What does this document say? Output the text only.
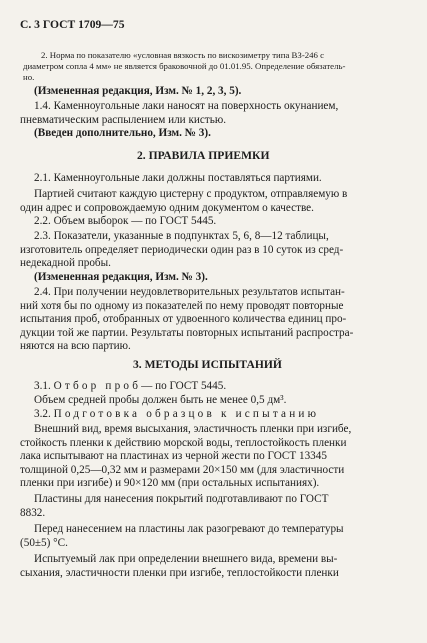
С. 3 ГОСТ 1709—75
2. Норма по показателю «условная вязкость по вискозиметру типа ВЗ-246 с
диаметром сопла 4 мм» не является браковочной до 01.01.95. Определение обязатель-
но.
(Измененная редакция, Изм. № 1, 2, 3, 5).
1.4. Каменноугольные лаки наносят на поверхность окунанием,
пневматическим распылением или кистью.
(Введен дополнительно, Изм. № 3).
2. ПРАВИЛА ПРИЕМКИ
2.1. Каменноугольные лаки должны поставляться партиями.
Партией считают каждую цистерну с продуктом, отправляемую в
один адрес и сопровождаемую одним документом о качестве.
2.2. Объем выборок — по ГОСТ 5445.
2.3. Показатели, указанные в подпунктах 5, 6, 8—12 таблицы,
изготовитель определяет периодически один раз в 10 суток из сред-
недекадной пробы.
(Измененная редакция, Изм. № 3).
2.4. При получении неудовлетворительных результатов испытан-
ний хотя бы по одному из показателей по нему проводят повторные
испытания проб, отобранных от удвоенного количества единиц про-
дукции той же партии. Результаты повторных испытаний распростра-
няются на всю партию.
3. МЕТОДЫ ИСПЫТАНИЙ
3.1. Отбор проб— по ГОСТ 5445.
Объем средней пробы должен быть не менее 0,5 дм³.
3.2. Подготовка образцов к испытанию
Внешний вид, время высыхания, эластичность пленки при изгибе,
стойкость пленки к действию морской воды, теплостойкость пленки
лака испытывают на пластинах из черной жести по ГОСТ 13345
толщиной 0,25—0,32 мм и размерами 20×150 мм (для эластичности
пленки при изгибе) и 90×120 мм (при остальных испытаниях).
Пластины для нанесения покрытий подготавливают по ГОСТ
8832.
Перед нанесением на пластины лак разогревают до температуры
(50±5) °С.
Испытуемый лак при определении внешнего вида, времени вы-
сыхания, эластичности пленки при изгибе, теплостойкости пленки
